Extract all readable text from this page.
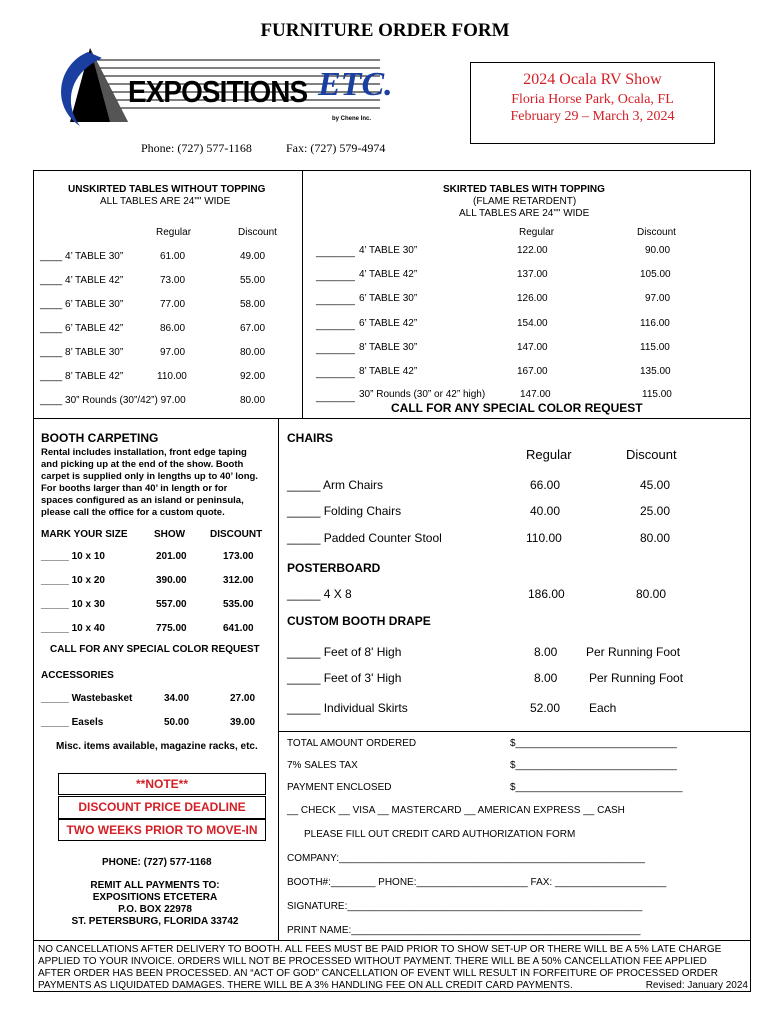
FURNITURE ORDER FORM
EXPOSITIONS ETC.
by Chene Inc.
2024 Ocala RV Show
Floria Horse Park, Ocala, FL
February 29 – March 3, 2024
Phone: (727) 577-1168	Fax: (727) 579-4974
UNSKIRTED TABLES WITHOUT TOPPING
ALL TABLES ARE 24"" WIDE
Regular	Discount
____ 4’ TABLE 30”	61.00	49.00
____ 4’ TABLE 42”	73.00	55.00
____ 6’ TABLE 30”	77.00	58.00
____ 6’ TABLE 42”	86.00	67.00
____ 8’ TABLE 30”	97.00	80.00
____ 8’ TABLE 42”	110.00	92.00
____ 30” Rounds (30”/42”) 97.00	80.00
SKIRTED TABLES WITH TOPPING
(FLAME RETARDENT)
ALL TABLES ARE 24"" WIDE
Regular	Discount
_______ 4’ TABLE 30”	122.00	90.00
_______ 4’ TABLE 42”	137.00	105.00
_______ 6’ TABLE 30”	126.00	97.00
_______ 6’ TABLE 42”	154.00	116.00
_______ 8’ TABLE 30”	147.00	115.00
_______ 8’ TABLE 42”	167.00	135.00
_______ 30” Rounds (30” or 42” high)	147.00	115.00
CALL FOR ANY SPECIAL COLOR REQUEST
BOOTH CARPETING
Rental includes installation, front edge taping
and picking up at the end of the show. Booth
carpet is supplied only in lengths up to 40’ long.
For booths larger than 40’ in length or for
spaces configured as an island or peninsula,
please call the office for a custom quote.
MARK YOUR SIZE	SHOW DISCOUNT
_____ 10 x 10	201.00	173.00
_____ 10 x 20	390.00	312.00
_____ 10 x 30	557.00	535.00
_____ 10 x 40	775.00	641.00
CALL FOR ANY SPECIAL COLOR REQUEST
ACCESSORIES
_____ Wastebasket	34.00	27.00
_____ Easels	50.00	39.00
Misc. items available, magazine racks, etc.
**NOTE**
DISCOUNT PRICE DEADLINE
TWO WEEKS PRIOR TO MOVE-IN
PHONE: (727) 577-1168
REMIT ALL PAYMENTS TO:
EXPOSITIONS ETCETERA
P.O. BOX 22978
ST. PETERSBURG, FLORIDA 33742
CHAIRS
Regular	Discount
_____ Arm Chairs	66.00	45.00
_____ Folding Chairs	40.00	25.00
_____ Padded Counter Stool	110.00	80.00
POSTERBOARD
_____ 4 X 8	186.00	80.00
CUSTOM BOOTH DRAPE
_____ Feet of 8' High	8.00 Per Running Foot
_____ Feet of 3' High	8.00	Per Running Foot
_____ Individual Skirts	52.00 Each
TOTAL AMOUNT ORDERED	$_____________________________
7% SALES TAX	$_____________________________
PAYMENT ENCLOSED	$______________________________
__ CHECK __ VISA __ MASTERCARD __ AMERICAN EXPRESS __ CASH
PLEASE FILL OUT CREDIT CARD AUTHORIZATION FORM
COMPANY:_______________________________________________________
BOOTH#:________ PHONE:____________________ FAX: ____________________
SIGNATURE:_____________________________________________________
PRINT NAME:____________________________________________________
NO CANCELLATIONS AFTER DELIVERY TO BOOTH. ALL FEES MUST BE PAID PRIOR TO SHOW SET-UP OR THERE WILL BE A 5% LATE CHARGE
APPLIED TO YOUR INVOICE. ORDERS WILL NOT BE PROCESSED WITHOUT PAYMENT. THERE WILL BE A 50% CANCELLATION FEE APPLIED
AFTER ORDER HAS BEEN PROCESSED. AN “ACT OF GOD” CANCELLATION OF EVENT WILL RESULT IN FORFEITURE OF PROCESSED ORDER
PAYMENTS AS LIQUIDATED DAMAGES. THERE WILL BE A 3% HANDLING FEE ON ALL CREDIT CARD PAYMENTS.	Revised: January 2024
